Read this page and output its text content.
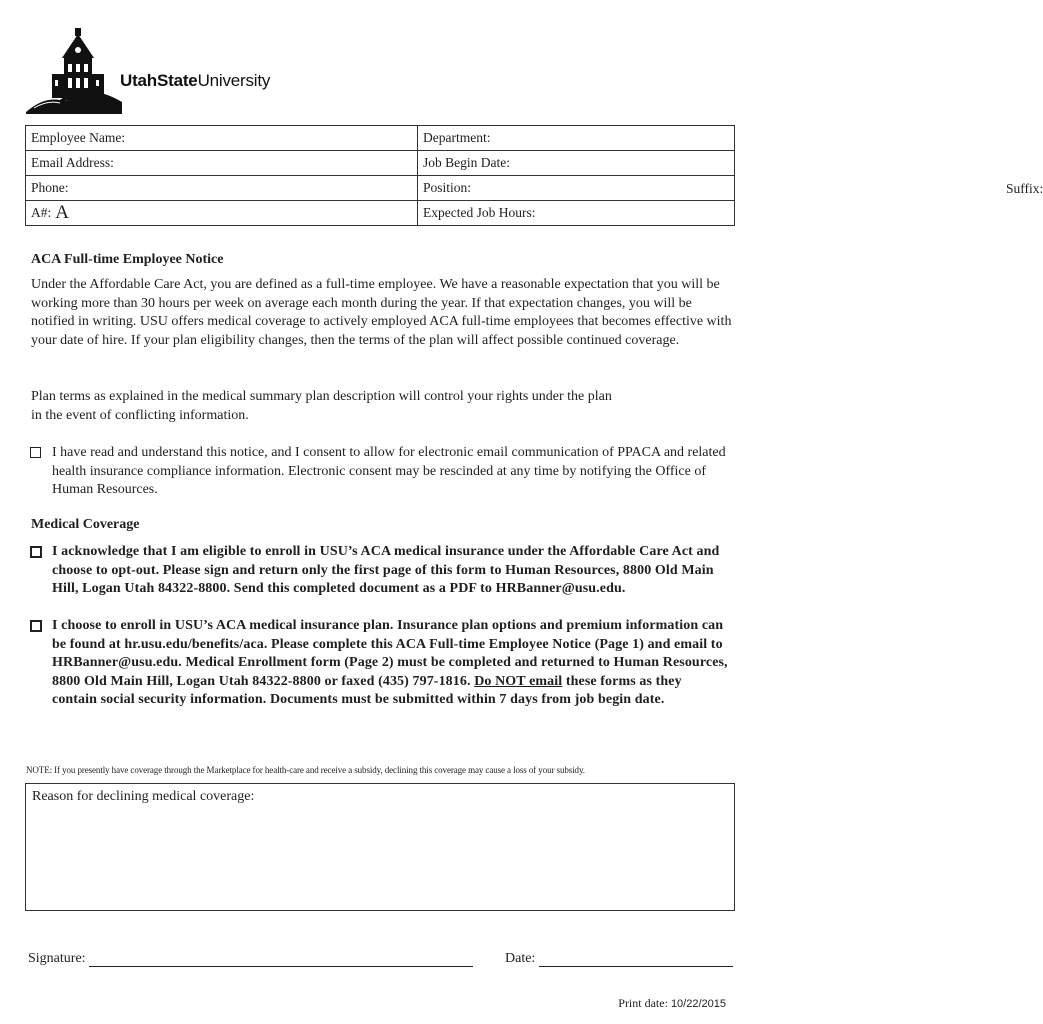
UtahStateUniversity
Employee Name:	Department:
Email Address:	Job Begin Date:
Phone:	Position: Suffix:

A#: A	Expected Job Hours:
ACA Full-time Employee Notice

Under the Affordable Care Act, you are defined as a full-time employee. We have a reasonable expectation that you will be working more than 30 hours per week on average each month during the year. If that expectation changes, you will be notified in writing. USU offers medical coverage to actively employed ACA full-time employees that becomes effective with your date of hire. If your plan eligibility changes, then the terms of the plan will affect possible continued coverage.

Plan terms as explained in the medical summary plan description will control your rights under the plan

in the event of conflicting information.

I have read and understand this notice, and I consent to allow for electronic email communication of PPACA and related health insurance compliance information. Electronic consent may be rescinded at any time by notifying the Office of Human Resources.
Medical Coverage
I acknowledge that I am eligible to enroll in USU’s ACA medical insurance under the Affordable Care Act and choose to opt-out. Please sign and return only the first page of this form to Human Resources, 8800 Old Main Hill, Logan Utah 84322-8800. Send this completed document as a PDF to HRBanner@usu.edu.
I choose to enroll in USU’s ACA medical insurance plan. Insurance plan options and premium information can be found at hr.usu.edu/benefits/aca. Please complete this ACA Full-time Employee Notice (Page 1) and email to HRBanner@usu.edu. Medical Enrollment form (Page 2) must be completed and returned to Human Resources, 8800 Old Main Hill, Logan Utah 84322-8800 or faxed (435) 797-1816. Do NOT email these forms as they contain social security information. Documents must be submitted within 7 days from job begin date.
NOTE: If you presently have coverage through the Marketplace for health-care and receive a subsidy, declining this coverage may cause a loss of your subsidy.
Reason for declining medical coverage:
Signature:	Date:
Print date: 10/22/2015
